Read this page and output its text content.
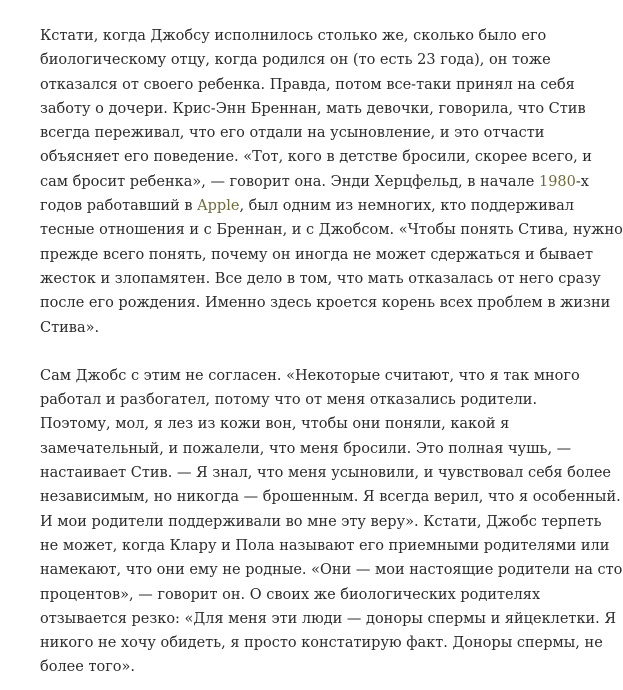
Кстати, когда Джобсу исполнилось столько же, сколько было его
биологическому отцу, когда родился он (то есть 23 года), он тоже
отказался от своего ребенка. Правда, потом все-таки принял на себя
заботу о дочери. Крис-Энн Бреннан, мать девочки, говорила, что Стив
всегда переживал, что его отдали на усыновление, и это отчасти
объясняет его поведение. «Тот, кого в детстве бросили, скорее всего, и
сам бросит ребенка», — говорит она. Энди Херцфельд, в начале 1980-х
годов работавший в Apple, был одним из немногих, кто поддерживал
тесные отношения и с Бреннан, и с Джобсом. «Чтобы понять Стива, нужно
прежде всего понять, почему он иногда не может сдержаться и бывает
жесток и злопамятен. Все дело в том, что мать отказалась от него сразу
после его рождения. Именно здесь кроется корень всех проблем в жизни
Стива».

Сам Джобс с этим не согласен. «Некоторые считают, что я так много
работал и разбогател, потому что от меня отказались родители.
Поэтому, мол, я лез из кожи вон, чтобы они поняли, какой я
замечательный, и пожалели, что меня бросили. Это полная чушь, —
настаивает Стив. — Я знал, что меня усыновили, и чувствовал себя более
независимым, но никогда — брошенным. Я всегда верил, что я особенный.
И мои родители поддерживали во мне эту веру». Кстати, Джобс терпеть
не может, когда Клару и Пола называют его приемными родителями или
намекают, что они ему не родные. «Они — мои настоящие родители на сто
процентов», — говорит он. О своих же биологических родителях
отзывается резко: «Для меня эти люди — доноры спермы и яйцеклетки. Я
никого не хочу обидеть, я просто констатирую факт. Доноры спермы, не
более того».
